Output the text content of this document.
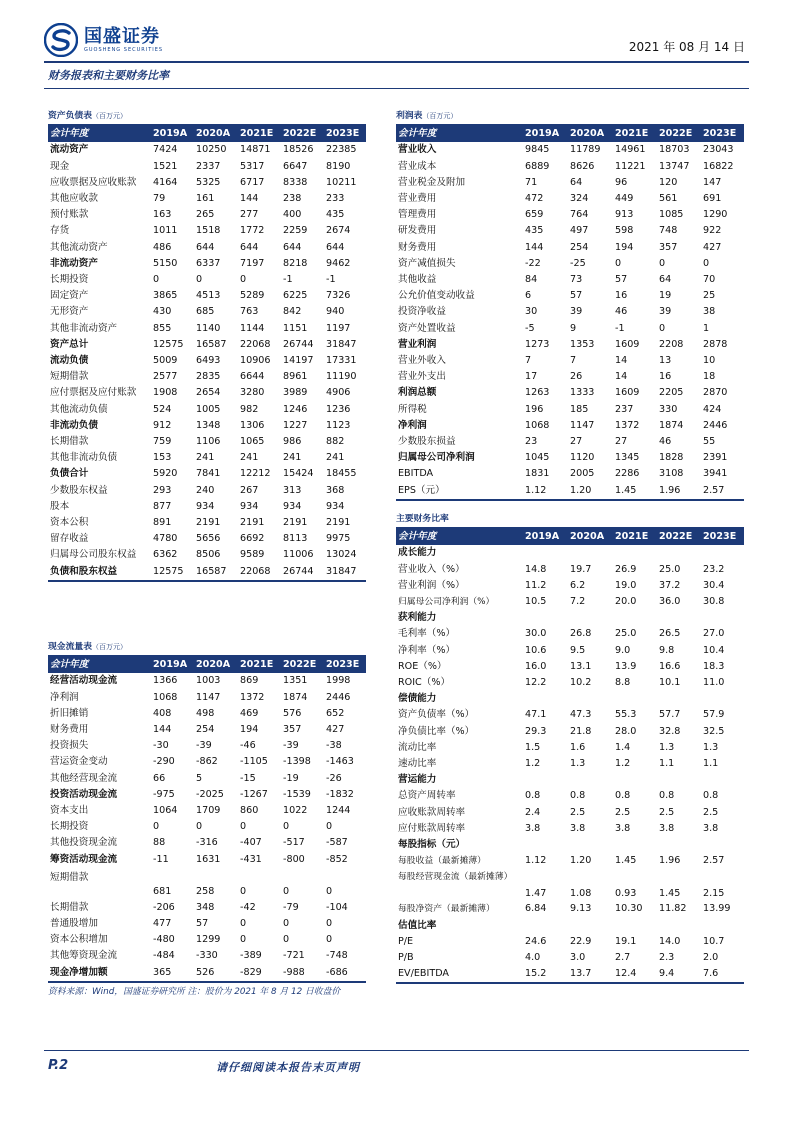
国盛证券
GUOSHENG SECURITIES	2021 年 08 月 14 日
财务报表和主要财务比率
资产负债表（百万元）					
会计年度	2019A	2020A	2021E	2022E	2023E
流动资产	7424	10250	14871	18526	22385
现金	1521	2337	5317	6647	8190
应收票据及应收账款	4164	5325	6717	8338	10211
其他应收款	79	161	144	238	233
预付账款	163	265	277	400	435
存货	1011	1518	1772	2259	2674
其他流动资产	486	644	644	644	644
非流动资产	5150	6337	7197	8218	9462
长期投资	0	0	0	-1	-1
固定资产	3865	4513	5289	6225	7326
无形资产	430	685	763	842	940
其他非流动资产	855	1140	1144	1151	1197
资产总计	12575	16587	22068	26744	31847
流动负债	5009	6493	10906	14197	17331
短期借款	2577	2835	6644	8961	11190
应付票据及应付账款	1908	2654	3280	3989	4906
其他流动负债	524	1005	982	1246	1236
非流动负债	912	1348	1306	1227	1123
长期借款	759	1106	1065	986	882
其他非流动负债	153	241	241	241	241
负债合计	5920	7841	12212	15424	18455
少数股东权益	293	240	267	313	368
股本	877	934	934	934	934
资本公积	891	2191	2191	2191	2191
留存收益	4780	5656	6692	8113	9975
归属母公司股东权益	6362	8506	9589	11006	13024
负债和股东权益	12575	16587	22068	26744	31847
利润表（百万元）					
会计年度	2019A	2020A	2021E	2022E	2023E
营业收入	9845	11789	14961	18703	23043
营业成本	6889	8626	11221	13747	16822
营业税金及附加	71	64	96	120	147
营业费用	472	324	449	561	691
管理费用	659	764	913	1085	1290
研发费用	435	497	598	748	922
财务费用	144	254	194	357	427
资产减值损失	-22	-25	0	0	0
其他收益	84	73	57	64	70
公允价值变动收益	6	57	16	19	25
投资净收益	30	39	46	39	38
资产处置收益	-5	9	-1	0	1
营业利润	1273	1353	1609	2208	2878
营业外收入	7	7	14	13	10
营业外支出	17	26	14	16	18
利润总额	1263	1333	1609	2205	2870
所得税	196	185	237	330	424
净利润	1068	1147	1372	1874	2446
少数股东损益	23	27	27	46	55
归属母公司净利润	1045	1120	1345	1828	2391
EBITDA	1831	2005	2286	3108	3941
EPS（元）	1.12	1.20	1.45	1.96	2.57
主要财务比率					
会计年度	2019A	2020A	2021E	2022E	2023E
成长能力					
营业收入（%）	14.8	19.7	26.9	25.0	23.2
营业利润（%）	11.2	6.2	19.0	37.2	30.4
归属母公司净利润（%）	10.5	7.2	20.0	36.0	30.8
获利能力					
毛利率（%）	30.0	26.8	25.0	26.5	27.0
净利率（%）	10.6	9.5	9.0	9.8	10.4
ROE（%）	16.0	13.1	13.9	16.6	18.3
ROIC（%）	12.2	10.2	8.8	10.1	11.0
偿债能力					
资产负债率（%）	47.1	47.3	55.3	57.7	57.9
净负债比率（%）	29.3	21.8	28.0	32.8	32.5
流动比率	1.5	1.6	1.4	1.3	1.3
速动比率	1.2	1.3	1.2	1.1	1.1
营运能力					
总资产周转率	0.8	0.8	0.8	0.8	0.8
应收账款周转率	2.4	2.5	2.5	2.5	2.5
应付账款周转率	3.8	3.8	3.8	3.8	3.8
每股指标（元）					
每股收益（最新摊薄）	1.12	1.20	1.45	1.96	2.57
每股经营现金流（最新摊薄）	1.47	1.08	0.93	1.45	2.15
每股净资产（最新摊薄）	6.84	9.13	10.30	11.82	13.99
估值比率					
P/E	24.6	22.9	19.1	14.0	10.7
P/B	4.0	3.0	2.7	2.3	2.0
EV/EBITDA	15.2	13.7	12.4	9.4	7.6
现金流量表（百万元）					
会计年度	2019A	2020A	2021E	2022E	2023E
经营活动现金流	1366	1003	869	1351	1998
净利润	1068	1147	1372	1874	2446
折旧摊销	408	498	469	576	652
财务费用	144	254	194	357	427
投资损失	-30	-39	-46	-39	-38
营运资金变动	-290	-862	-1105	-1398	-1463
其他经营现金流	66	5	-15	-19	-26
投资活动现金流	-975	-2025	-1267	-1539	-1832
资本支出	1064	1709	860	1022	1244
长期投资	0	0	0	0	0
其他投资现金流	88	-316	-407	-517	-587
筹资活动现金流	-11	1631	-431	-800	-852
短期借款	681	258	0	0	0
长期借款	-206	348	-42	-79	-104
普通股增加	477	57	0	0	0
资本公积增加	-480	1299	0	0	0
其他筹资现金流	-484	-330	-389	-721	-748
现金净增加额	365	526	-829	-988	-686
资料来源：Wind，国盛证券研究所 注：股价为 2021 年 8 月 12 日收盘价
P.2	请仔细阅读本报告末页声明
